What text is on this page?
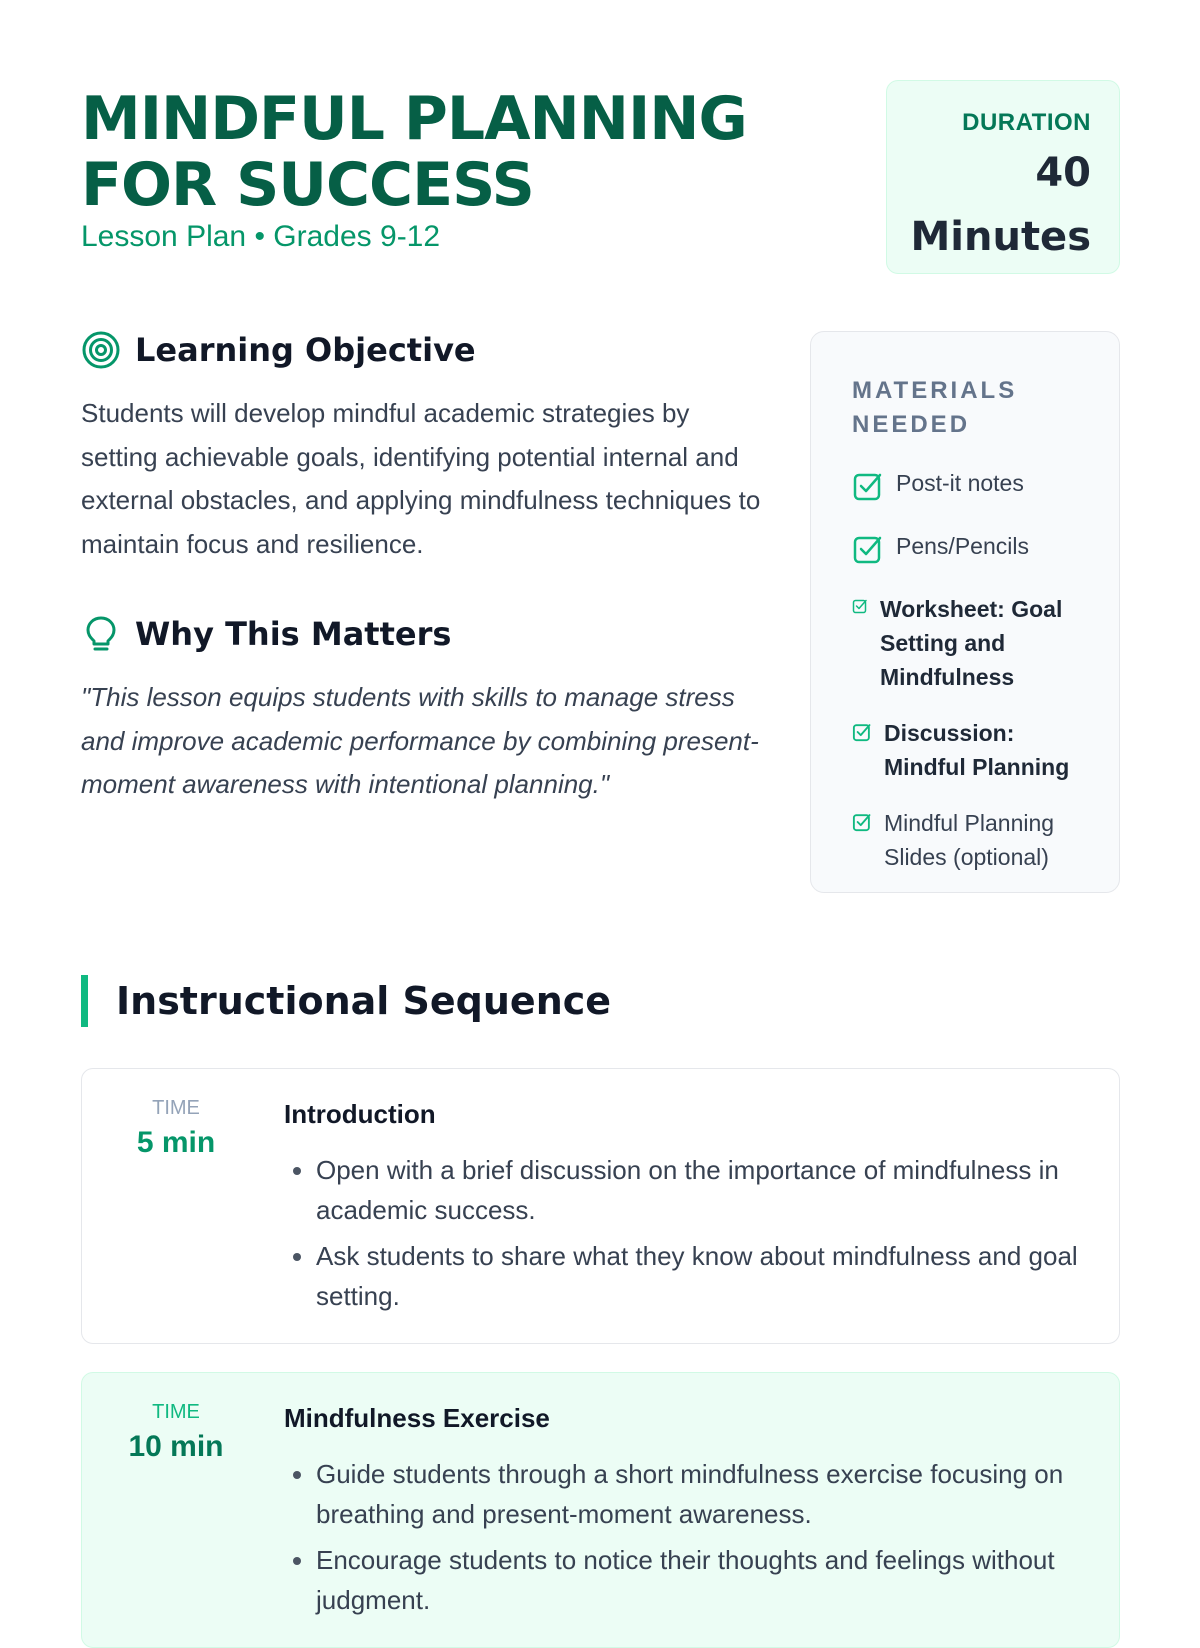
MINDFUL PLANNING FOR SUCCESS

Lesson Plan • Grades 9-12

DURATION
40 Minutes
Learning Objective

Students will develop mindful academic strategies by setting achievable goals, identifying potential internal and external obstacles, and applying mindfulness techniques to maintain focus and resilience.

Why This Matters

"This lesson equips students with skills to manage stress and improve academic performance by combining present-moment awareness with intentional planning."

MATERIALS NEEDED
Post-it notes
Pens/Pencils
Worksheet: Goal Setting and Mindfulness
Discussion: Mindful Planning
Mindful Planning Slides (optional)
Instructional Sequence
TIME
5 min
Introduction
• Open with a brief discussion on the importance of mindfulness in academic success.
• Ask students to share what they know about mindfulness and goal setting.
TIME
10 min
Mindfulness Exercise
• Guide students through a short mindfulness exercise focusing on breathing and present-moment awareness.
• Encourage students to notice their thoughts and feelings without judgment.
